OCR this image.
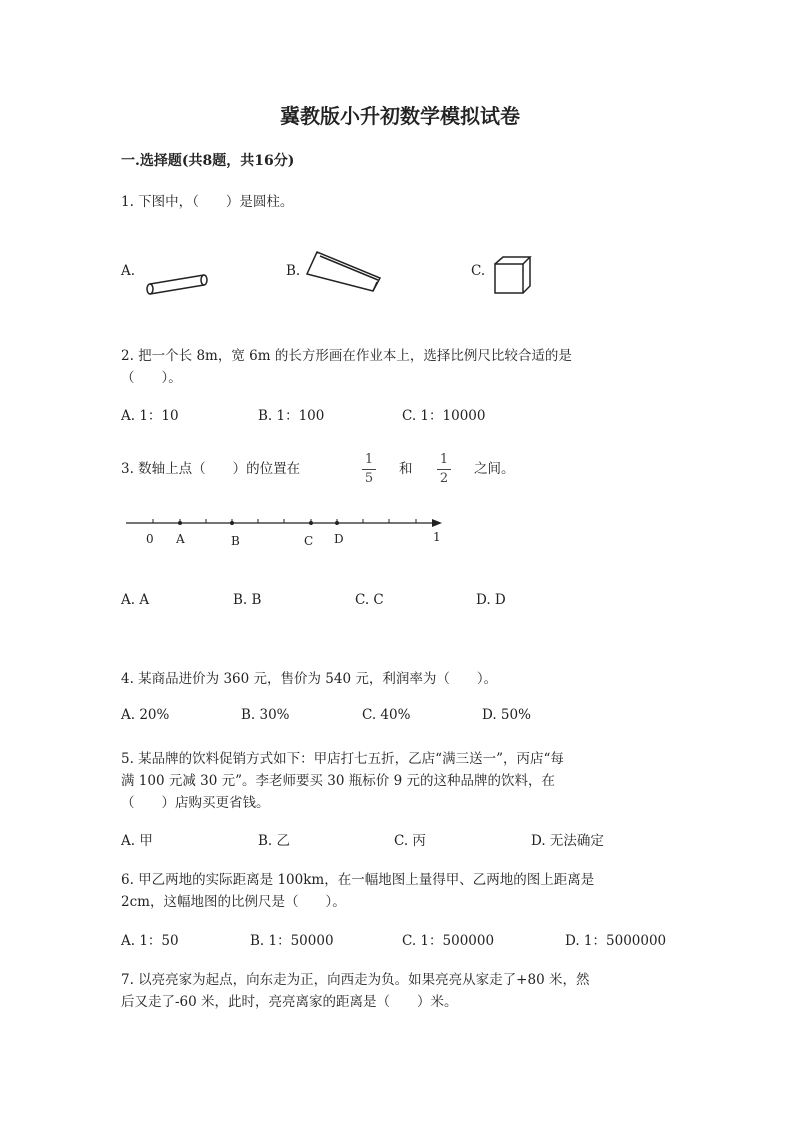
冀教版小升初数学模拟试卷
一.选择题(共8题，共16分)
1. 下图中，（　　）是圆柱。
A.	B.	C.
2. 把一个长 8m，宽 6m 的长方形画在作业本上，选择比例尺比较合适的是
（　　）。
A. 1：10	B. 1：100	C. 1：10000
3. 数轴上点（　　）的位置在
1
5
和
1
2
之间。
0 A	B	C D	1
A. A	B. B	C. C	D. D
4. 某商品进价为 360 元，售价为 540 元，利润率为（　　）。
A. 20%	B. 30%	C. 40%	D. 50%
5. 某品牌的饮料促销方式如下：甲店打七五折，乙店“满三送一”，丙店“每
满 100 元减 30 元”。李老师要买 30 瓶标价 9 元的这种品牌的饮料，在
（　　）店购买更省钱。
A. 甲	B. 乙	C. 丙	D. 无法确定
6. 甲乙两地的实际距离是 100km，在一幅地图上量得甲、乙两地的图上距离是
2cm，这幅地图的比例尺是（　　）。
A. 1：50	B. 1：50000	C. 1：500000	D. 1：5000000
7. 以亮亮家为起点，向东走为正，向西走为负。如果亮亮从家走了+80 米，然
后又走了-60 米，此时，亮亮离家的距离是（　　）米。
